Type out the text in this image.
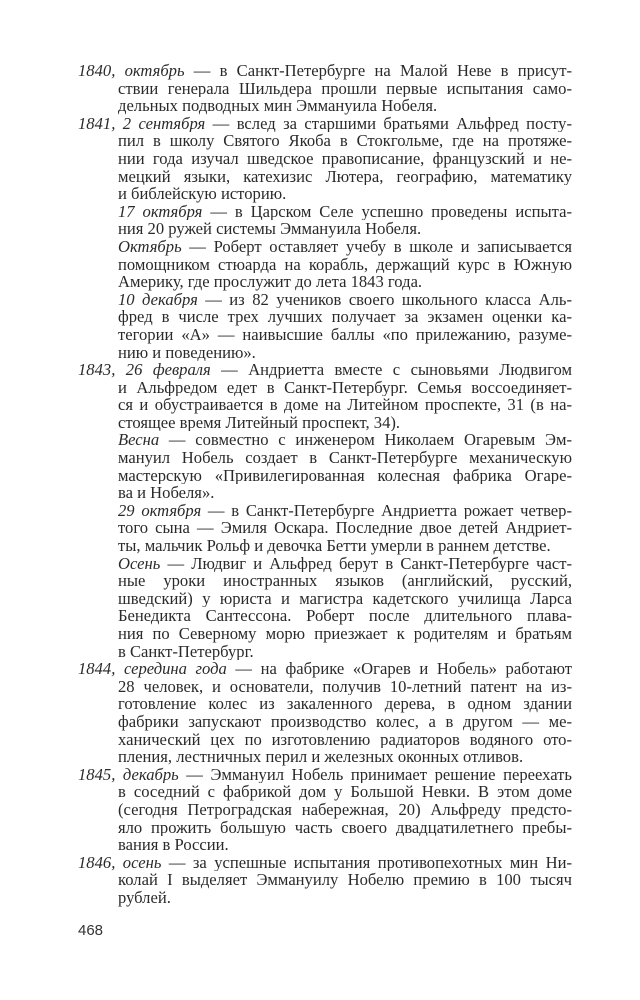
1840, октябрь — в Санкт-Петербурге на Малой Неве в присут-
ствии генерала Шильдера прошли первые испытания само-
дельных подводных мин Эммануила Нобеля.
1841, 2 сентября — вслед за старшими братьями Альфред посту-
пил в школу Святого Якоба в Стокгольме, где на протяже-
нии года изучал шведское правописание, французский и не-
мецкий языки, катехизис Лютера, географию, математику
и библейскую историю.
17 октября — в Царском Селе успешно проведены испыта-
ния 20 ружей системы Эммануила Нобеля.
Октябрь — Роберт оставляет учебу в школе и записывается
помощником стюарда на корабль, держащий курс в Южную
Америку, где прослужит до лета 1843 года.
10 декабря — из 82 учеников своего школьного класса Аль-
фред в числе трех лучших получает за экзамен оценки ка-
тегории «А» — наивысшие баллы «по прилежанию, разуме-
нию и поведению».
1843, 26 февраля — Андриетта вместе с сыновьями Людвигом
и Альфредом едет в Санкт-Петербург. Семья воссоединяет-
ся и обустраивается в доме на Литейном проспекте, 31 (в на-
стоящее время Литейный проспект, 34).
Весна — совместно с инженером Николаем Огаревым Эм-
мануил Нобель создает в Санкт-Петербурге механическую
мастерскую «Привилегированная колесная фабрика Огаре-
ва и Нобеля».
29 октября — в Санкт-Петербурге Андриетта рожает четвер-
того сына — Эмиля Оскара. Последние двое детей Андриет-
ты, мальчик Рольф и девочка Бетти умерли в раннем детстве.
Осень — Людвиг и Альфред берут в Санкт-Петербурге част-
ные уроки иностранных языков (английский, русский,
шведский) у юриста и магистра кадетского училища Ларса
Бенедикта Сантессона. Роберт после длительного плава-
ния по Северному морю приезжает к родителям и братьям
в Санкт-Петербург.
1844, середина года — на фабрике «Огарев и Нобель» работают
28 человек, и основатели, получив 10-летний патент на из-
готовление колес из закаленного дерева, в одном здании
фабрики запускают производство колес, а в другом — ме-
ханический цех по изготовлению радиаторов водяного ото-
пления, лестничных перил и железных оконных отливов.
1845, декабрь — Эммануил Нобель принимает решение переехать
в соседний с фабрикой дом у Большой Невки. В этом доме
(сегодня Петроградская набережная, 20) Альфреду предсто-
яло прожить большую часть своего двадцатилетнего пребы-
вания в России.
1846, осень — за успешные испытания противопехотных мин Ни-
колай I выделяет Эммануилу Нобелю премию в 100 тысяч
рублей.
468
